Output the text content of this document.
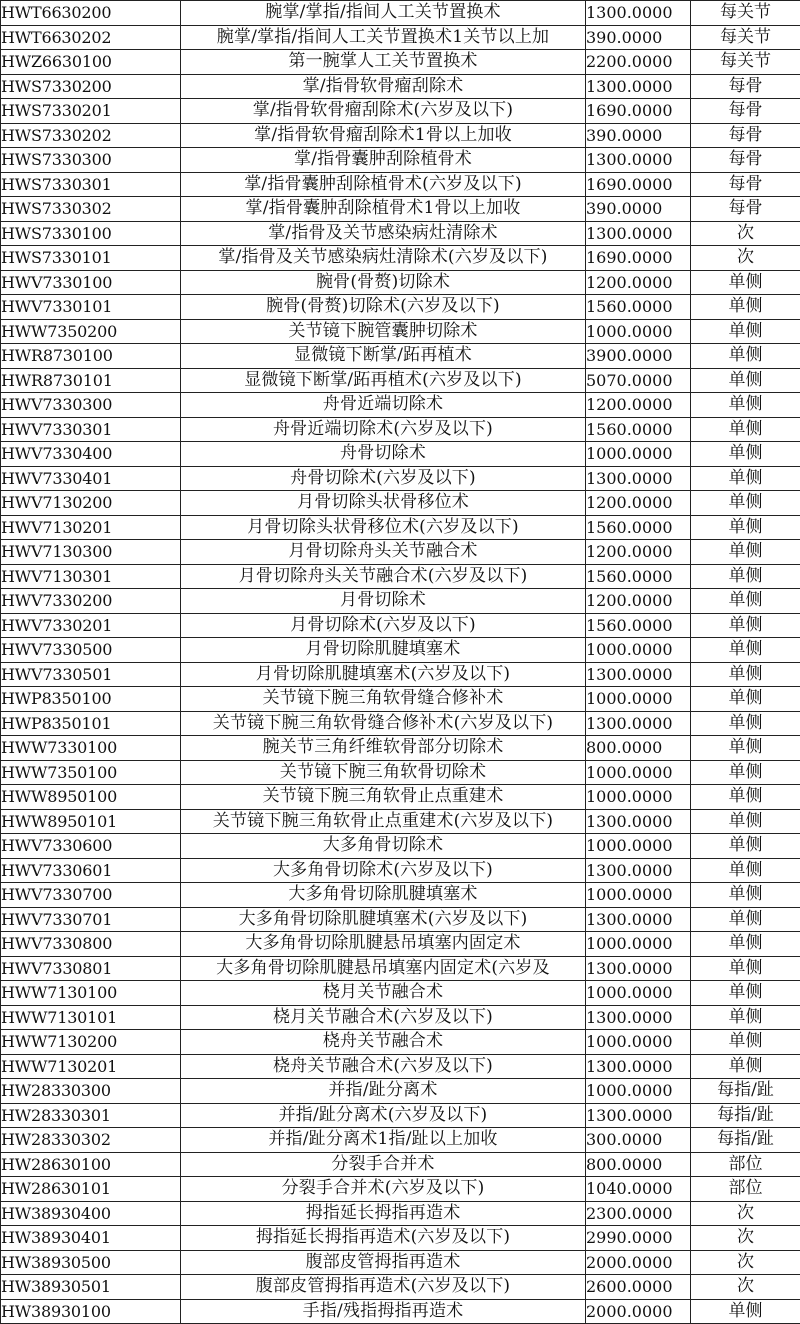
HWT6630200	腕掌/掌指/指间人工关节置换术	1300.0000	每关节
HWT6630202	腕掌/掌指/指间人工关节置换术1关节以上加	390.0000	每关节
HWZ6630100	第一腕掌人工关节置换术	2200.0000	每关节
HWS7330200	掌/指骨软骨瘤刮除术	1300.0000	每骨
HWS7330201	掌/指骨软骨瘤刮除术(六岁及以下)	1690.0000	每骨
HWS7330202	掌/指骨软骨瘤刮除术1骨以上加收	390.0000	每骨
HWS7330300	掌/指骨囊肿刮除植骨术	1300.0000	每骨
HWS7330301	掌/指骨囊肿刮除植骨术(六岁及以下)	1690.0000	每骨
HWS7330302	掌/指骨囊肿刮除植骨术1骨以上加收	390.0000	每骨
HWS7330100	掌/指骨及关节感染病灶清除术	1300.0000	次
HWS7330101	掌/指骨及关节感染病灶清除术(六岁及以下)	1690.0000	次
HWV7330100	腕骨(骨赘)切除术	1200.0000	单侧
HWV7330101	腕骨(骨赘)切除术(六岁及以下)	1560.0000	单侧
HWW7350200	关节镜下腕管囊肿切除术	1000.0000	单侧
HWR8730100	显微镜下断掌/跖再植术	3900.0000	单侧
HWR8730101	显微镜下断掌/跖再植术(六岁及以下)	5070.0000	单侧
HWV7330300	舟骨近端切除术	1200.0000	单侧
HWV7330301	舟骨近端切除术(六岁及以下)	1560.0000	单侧
HWV7330400	舟骨切除术	1000.0000	单侧
HWV7330401	舟骨切除术(六岁及以下)	1300.0000	单侧
HWV7130200	月骨切除头状骨移位术	1200.0000	单侧
HWV7130201	月骨切除头状骨移位术(六岁及以下)	1560.0000	单侧
HWV7130300	月骨切除舟头关节融合术	1200.0000	单侧
HWV7130301	月骨切除舟头关节融合术(六岁及以下)	1560.0000	单侧
HWV7330200	月骨切除术	1200.0000	单侧
HWV7330201	月骨切除术(六岁及以下)	1560.0000	单侧
HWV7330500	月骨切除肌腱填塞术	1000.0000	单侧
HWV7330501	月骨切除肌腱填塞术(六岁及以下)	1300.0000	单侧
HWP8350100	关节镜下腕三角软骨缝合修补术	1000.0000	单侧
HWP8350101	关节镜下腕三角软骨缝合修补术(六岁及以下)	1300.0000	单侧
HWW7330100	腕关节三角纤维软骨部分切除术	800.0000	单侧
HWW7350100	关节镜下腕三角软骨切除术	1000.0000	单侧
HWW8950100	关节镜下腕三角软骨止点重建术	1000.0000	单侧
HWW8950101	关节镜下腕三角软骨止点重建术(六岁及以下)	1300.0000	单侧
HWV7330600	大多角骨切除术	1000.0000	单侧
HWV7330601	大多角骨切除术(六岁及以下)	1300.0000	单侧
HWV7330700	大多角骨切除肌腱填塞术	1000.0000	单侧
HWV7330701	大多角骨切除肌腱填塞术(六岁及以下)	1300.0000	单侧
HWV7330800	大多角骨切除肌腱悬吊填塞内固定术	1000.0000	单侧
HWV7330801	大多角骨切除肌腱悬吊填塞内固定术(六岁及	1300.0000	单侧
HWW7130100	桡月关节融合术	1000.0000	单侧
HWW7130101	桡月关节融合术(六岁及以下)	1300.0000	单侧
HWW7130200	桡舟关节融合术	1000.0000	单侧
HWW7130201	桡舟关节融合术(六岁及以下)	1300.0000	单侧
HW28330300	并指/趾分离术	1000.0000	每指/趾
HW28330301	并指/趾分离术(六岁及以下)	1300.0000	每指/趾
HW28330302	并指/趾分离术1指/趾以上加收	300.0000	每指/趾
HW28630100	分裂手合并术	800.0000	部位
HW28630101	分裂手合并术(六岁及以下)	1040.0000	部位
HW38930400	拇指延长拇指再造术	2300.0000	次
HW38930401	拇指延长拇指再造术(六岁及以下)	2990.0000	次
HW38930500	腹部皮管拇指再造术	2000.0000	次
HW38930501	腹部皮管拇指再造术(六岁及以下)	2600.0000	次
HW38930100	手指/残指拇指再造术	2000.0000	单侧
